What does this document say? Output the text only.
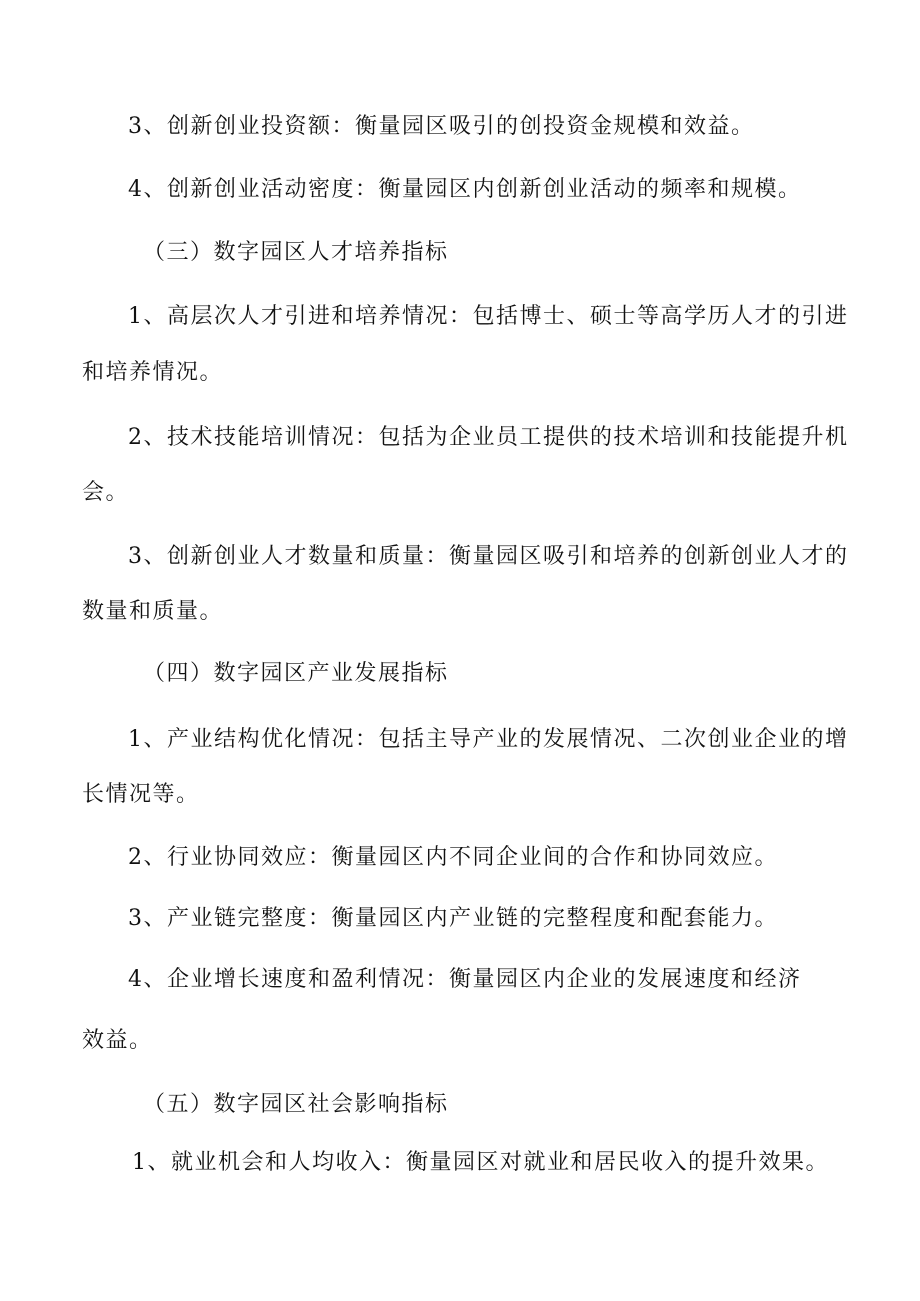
3、创新创业投资额：衡量园区吸引的创投资金规模和效益。
4、创新创业活动密度：衡量园区内创新创业活动的频率和规模。
（三）数字园区人才培养指标
1、高层次人才引进和培养情况：包括博士、硕士等高学历人才的引进
和培养情况。
2、技术技能培训情况：包括为企业员工提供的技术培训和技能提升机
会。
3、创新创业人才数量和质量：衡量园区吸引和培养的创新创业人才的
数量和质量。
（四）数字园区产业发展指标
1、产业结构优化情况：包括主导产业的发展情况、二次创业企业的增
长情况等。
2、行业协同效应：衡量园区内不同企业间的合作和协同效应。
3、产业链完整度：衡量园区内产业链的完整程度和配套能力。
4、企业增长速度和盈利情况：衡量园区内企业的发展速度和经济
效益。
（五）数字园区社会影响指标
1、就业机会和人均收入：衡量园区对就业和居民收入的提升效果。
